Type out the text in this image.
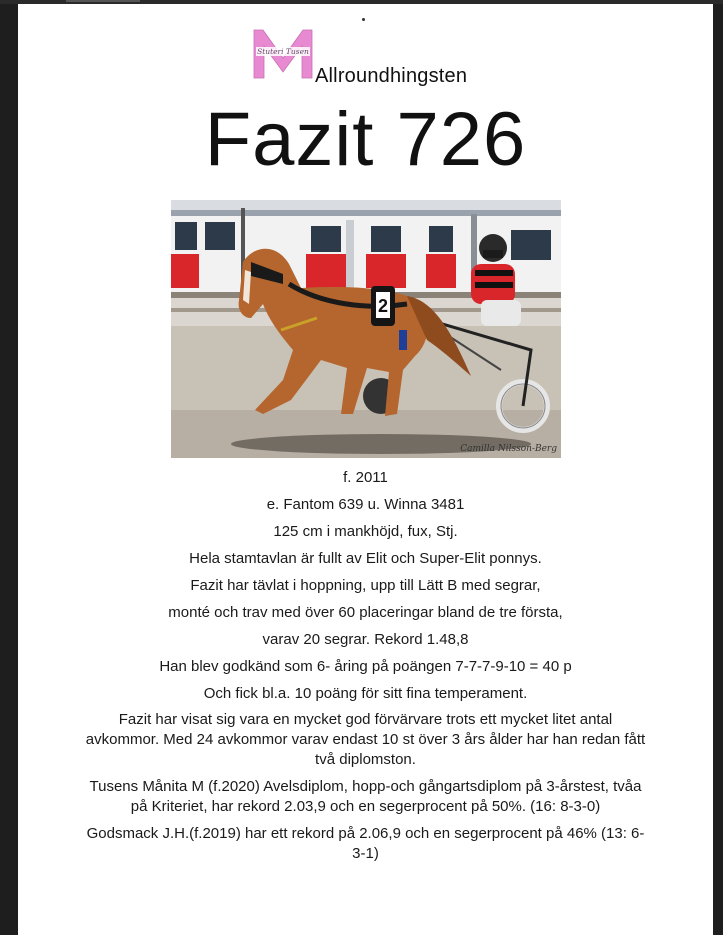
Stuteri Tusen
Allroundhingsten
Fazit 726
2
Camilla Nilsson-Berg
f. 2011
e. Fantom 639 u. Winna 3481
125 cm i mankhöjd, fux, Stj.
Hela stamtavlan är fullt av Elit och Super-Elit ponnys.
Fazit har tävlat i hoppning, upp till Lätt B med segrar,
monté och trav med över 60 placeringar bland de tre första,
varav 20 segrar. Rekord 1.48,8
Han blev godkänd som 6- åring på poängen 7-7-7-9-10 = 40 p
Och fick bl.a. 10 poäng för sitt fina temperament.
Fazit har visat sig vara en mycket god förvärvare trots ett mycket litet antal avkommor. Med 24 avkommor varav endast 10 st över 3 års ålder har han redan fått två diplomston.
Tusens Månita M (f.2020) Avelsdiplom, hopp-och gångartsdiplom på 3-årstest, tvåa på Kriteriet, har rekord 2.03,9 och en segerprocent på 50%. (16: 8-3-0)
Godsmack J.H.(f.2019) har ett rekord på 2.06,9 och en segerprocent på 46% (13: 6-3-1)
